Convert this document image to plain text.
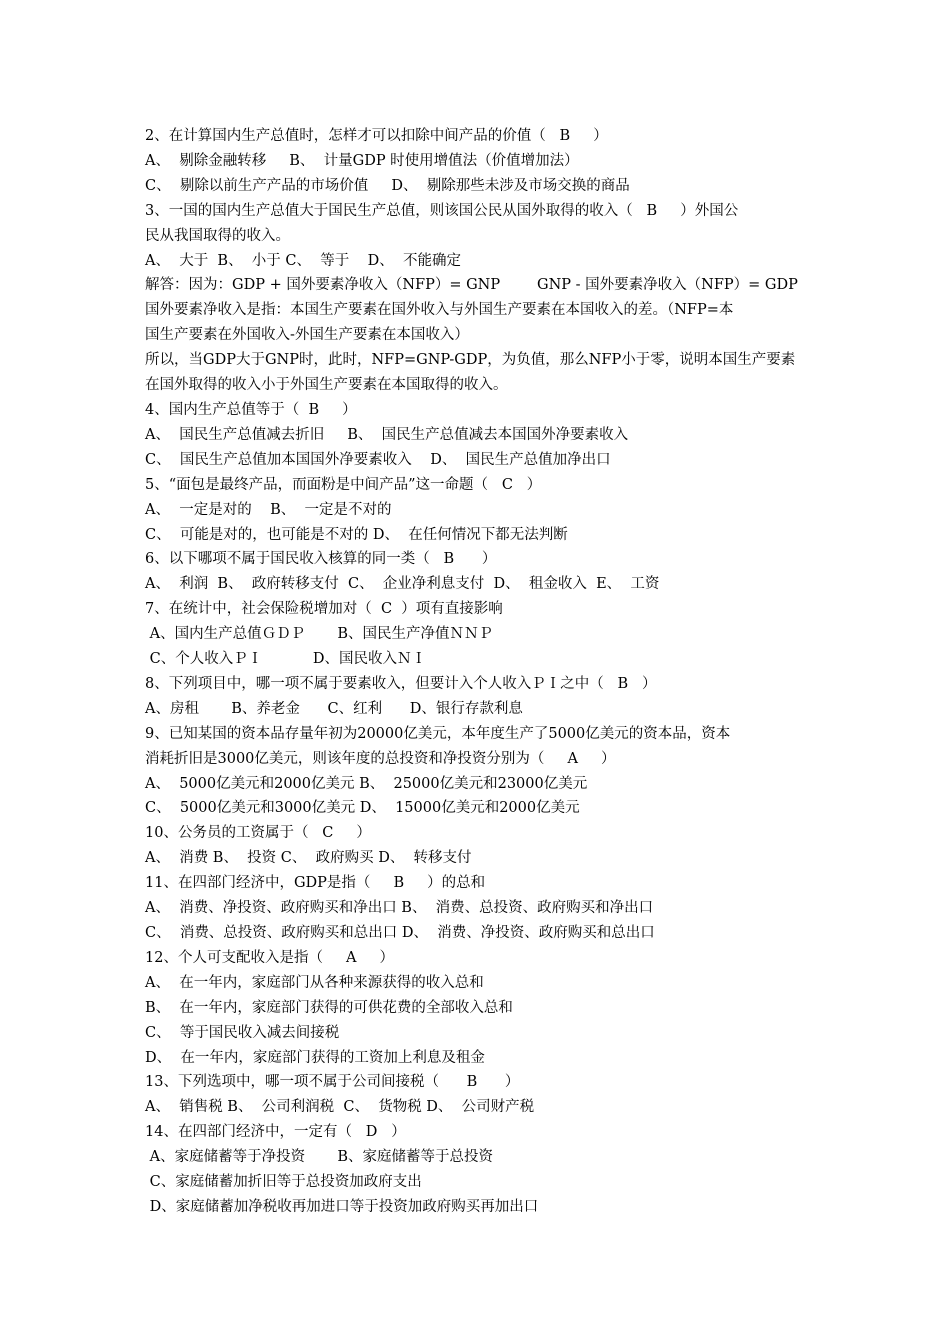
2、在计算国内生产总值时，怎样才可以扣除中间产品的价值（   B     ）
A、  剔除金融转移     B、  计量GDP 时使用增值法（价值增加法）
C、  剔除以前生产产品的市场价值     D、  剔除那些未涉及市场交换的商品
3、一国的国内生产总值大于国民生产总值，则该国公民从国外取得的收入（   B     ）外国公
民从我国取得的收入。
A、  大于  B、  小于 C、  等于    D、  不能确定
解答：因为：GDP + 国外要素净收入（NFP）= GNP        GNP - 国外要素净收入（NFP）= GDP
国外要素净收入是指：本国生产要素在国外收入与外国生产要素在本国收入的差。（NFP=本
国生产要素在外国收入-外国生产要素在本国收入）
所以，当GDP大于GNP时，此时，NFP=GNP-GDP，为负值，那么NFP小于零，说明本国生产要素
在国外取得的收入小于外国生产要素在本国取得的收入。
4、国内生产总值等于（  B     ）
A、  国民生产总值减去折旧     B、  国民生产总值减去本国国外净要素收入
C、  国民生产总值加本国国外净要素收入    D、  国民生产总值加净出口
5、“面包是最终产品，而面粉是中间产品”这一命题（   C   ）
A、  一定是对的    B、  一定是不对的
C、  可能是对的，也可能是不对的 D、  在任何情况下都无法判断
6、以下哪项不属于国民收入核算的同一类（   B      ）
A、  利润  B、  政府转移支付  C、  企业净利息支付  D、  租金收入  E、  工资
7、在统计中，社会保险税增加对（  C  ）项有直接影响
A、国内生产总值ＧＤＰ       B、国民生产净值ＮＮＰ
C、个人收入ＰＩ           D、国民收入ＮＩ
8、下列项目中，哪一项不属于要素收入，但要计入个人收入ＰＩ之中（   B   ）
A、房租       B、养老金      C、红利      D、银行存款利息
9、已知某国的资本品存量年初为20000亿美元，本年度生产了5000亿美元的资本品，资本
消耗折旧是3000亿美元，则该年度的总投资和净投资分别为（     A     ）
A、  5000亿美元和2000亿美元 B、  25000亿美元和23000亿美元
C、  5000亿美元和3000亿美元 D、  15000亿美元和2000亿美元
10、公务员的工资属于（   C     ）
A、  消费 B、  投资 C、  政府购买 D、  转移支付
11、在四部门经济中，GDP是指（     B     ）的总和
A、  消费、净投资、政府购买和净出口 B、  消费、总投资、政府购买和净出口
C、  消费、总投资、政府购买和总出口 D、  消费、净投资、政府购买和总出口
12、个人可支配收入是指（     A     ）
A、  在一年内，家庭部门从各种来源获得的收入总和
B、  在一年内，家庭部门获得的可供花费的全部收入总和
C、  等于国民收入减去间接税
D、  在一年内，家庭部门获得的工资加上利息及租金
13、下列选项中，哪一项不属于公司间接税（      B      ）
A、  销售税 B、  公司利润税  C、  货物税 D、  公司财产税
14、在四部门经济中，一定有（   D   ）
A、家庭储蓄等于净投资       B、家庭储蓄等于总投资
C、家庭储蓄加折旧等于总投资加政府支出
D、家庭储蓄加净税收再加进口等于投资加政府购买再加出口
